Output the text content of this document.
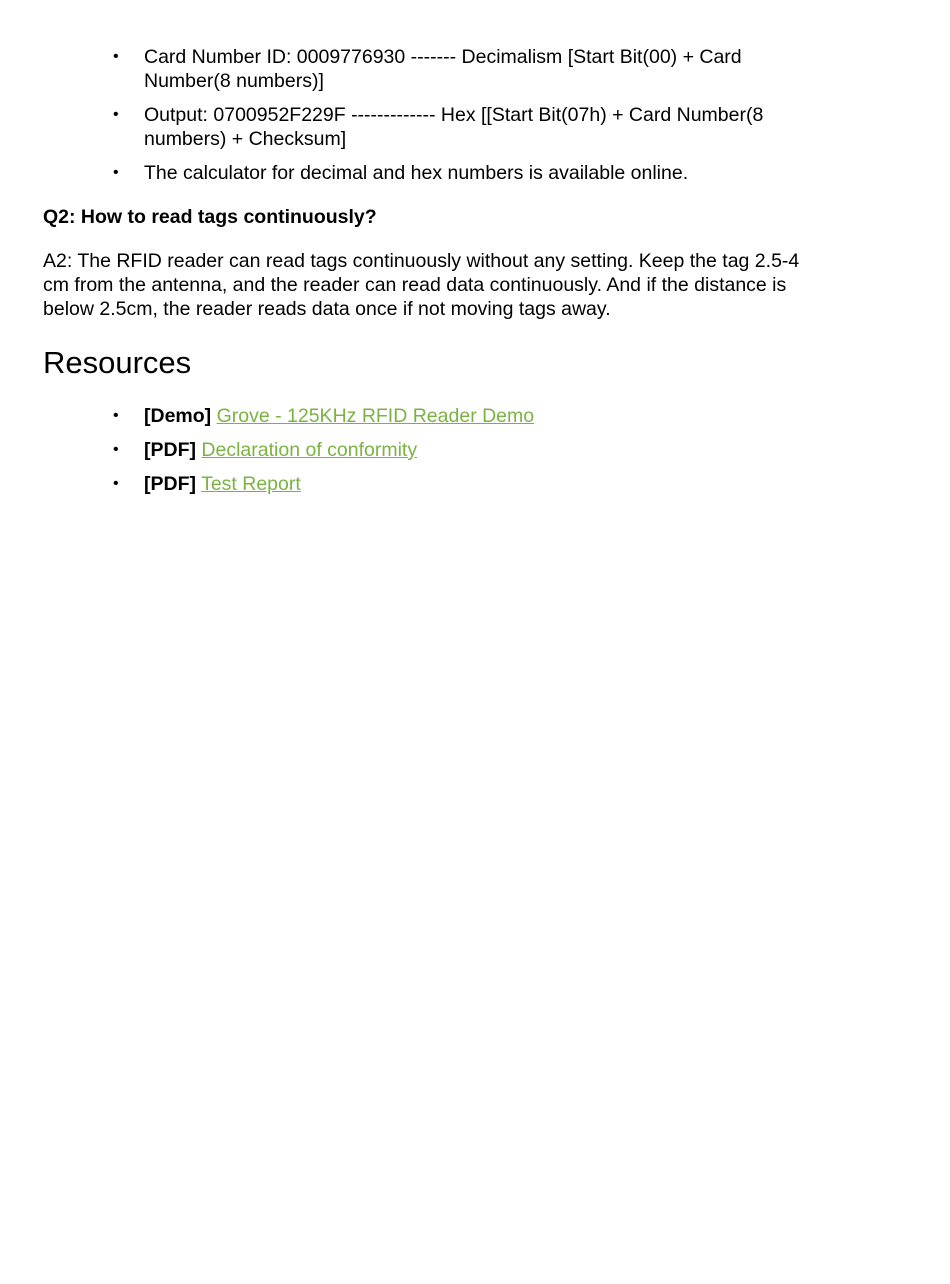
• Card Number ID: 0009776930 ------- Decimalism [Start Bit(00) + Card
Number(8 numbers)]
• Output: 0700952F229F ------------- Hex [[Start Bit(07h) + Card Number(8
numbers) + Checksum]
• The calculator for decimal and hex numbers is available online.

Q2: How to read tags continuously?

A2: The RFID reader can read tags continuously without any setting. Keep the tag 2.5-4
cm from the antenna, and the reader can read data continuously. And if the distance is
below 2.5cm, the reader reads data once if not moving tags away.

Resources
• [Demo] Grove - 125KHz RFID Reader Demo
• [PDF] Declaration of conformity
• [PDF] Test Report
